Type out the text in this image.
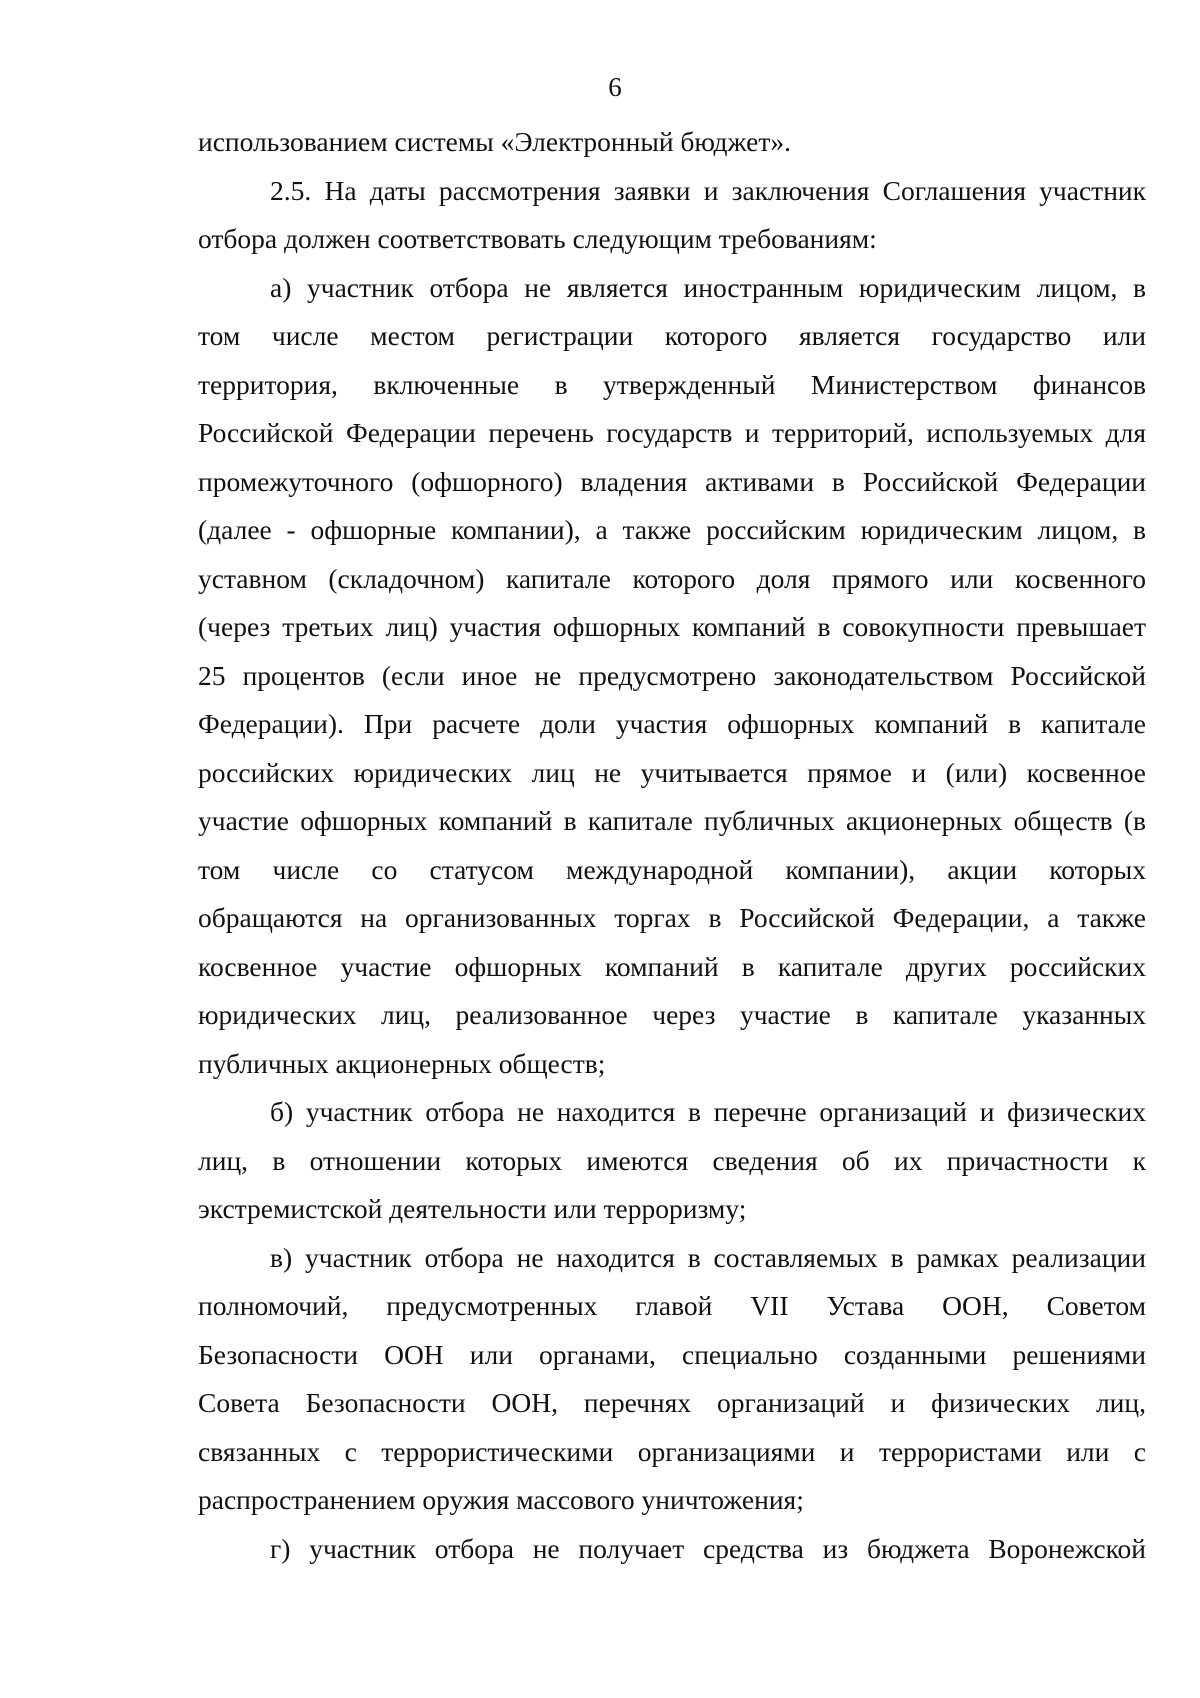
6
использованием системы «Электронный бюджет».
2.5. На даты рассмотрения заявки и заключения Соглашения участник
отбора должен соответствовать следующим требованиям:
а) участник отбора не является иностранным юридическим лицом, в
том числе местом регистрации которого является государство или
территория, включенные в утвержденный Министерством финансов
Российской Федерации перечень государств и территорий, используемых для
промежуточного (офшорного) владения активами в Российской Федерации
(далее - офшорные компании), а также российским юридическим лицом, в
уставном (складочном) капитале которого доля прямого или косвенного
(через третьих лиц) участия офшорных компаний в совокупности превышает
25 процентов (если иное не предусмотрено законодательством Российской
Федерации). При расчете доли участия офшорных компаний в капитале
российских юридических лиц не учитывается прямое и (или) косвенное
участие офшорных компаний в капитале публичных акционерных обществ (в
том числе со статусом международной компании), акции которых
обращаются на организованных торгах в Российской Федерации, а также
косвенное участие офшорных компаний в капитале других российских
юридических лиц, реализованное через участие в капитале указанных
публичных акционерных обществ;
б) участник отбора не находится в перечне организаций и физических
лиц, в отношении которых имеются сведения об их причастности к
экстремистской деятельности или терроризму;
в) участник отбора не находится в составляемых в рамках реализации
полномочий, предусмотренных главой VII Устава ООН, Советом
Безопасности ООН или органами, специально созданными решениями
Совета Безопасности ООН, перечнях организаций и физических лиц,
связанных с террористическими организациями и террористами или с
распространением оружия массового уничтожения;
г) участник отбора не получает средства из бюджета Воронежской
